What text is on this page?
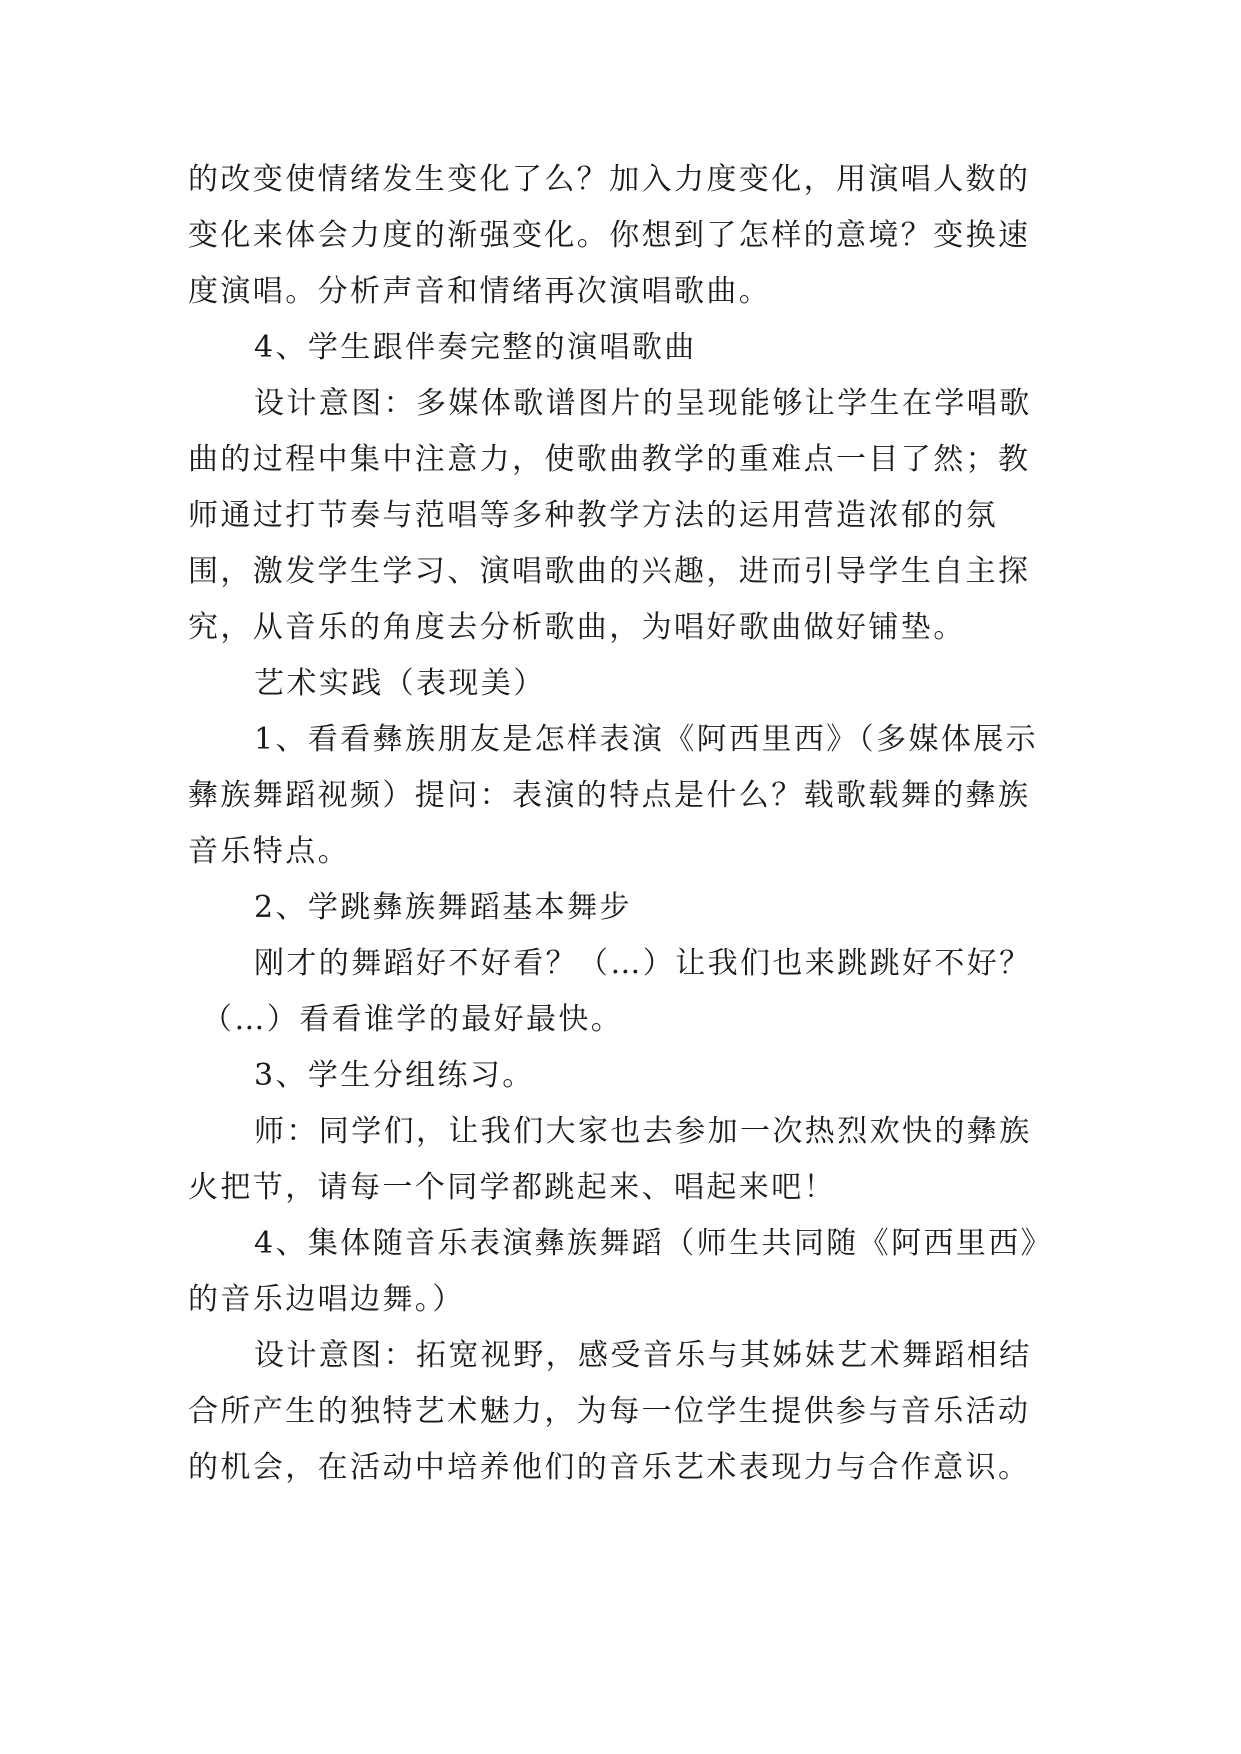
的改变使情绪发生变化了么？加入力度变化，用演唱人数的
变化来体会力度的渐强变化。你想到了怎样的意境？变换速
度演唱。分析声音和情绪再次演唱歌曲。
4、学生跟伴奏完整的演唱歌曲
设计意图：多媒体歌谱图片的呈现能够让学生在学唱歌
曲的过程中集中注意力，使歌曲教学的重难点一目了然；教
师通过打节奏与范唱等多种教学方法的运用营造浓郁的氛
围，激发学生学习、演唱歌曲的兴趣，进而引导学生自主探
究，从音乐的角度去分析歌曲，为唱好歌曲做好铺垫。
艺术实践（表现美）
1、看看彝族朋友是怎样表演《阿西里西》（多媒体展示
彝族舞蹈视频）提问：表演的特点是什么？载歌载舞的彝族
音乐特点。
2、学跳彝族舞蹈基本舞步
刚才的舞蹈好不好看？（…）让我们也来跳跳好不好？
（…）看看谁学的最好最快。
3、学生分组练习。
师：同学们，让我们大家也去参加一次热烈欢快的彝族
火把节，请每一个同学都跳起来、唱起来吧！
4、集体随音乐表演彝族舞蹈（师生共同随《阿西里西》
的音乐边唱边舞。）
设计意图：拓宽视野，感受音乐与其姊妹艺术舞蹈相结
合所产生的独特艺术魅力，为每一位学生提供参与音乐活动
的机会，在活动中培养他们的音乐艺术表现力与合作意识。
